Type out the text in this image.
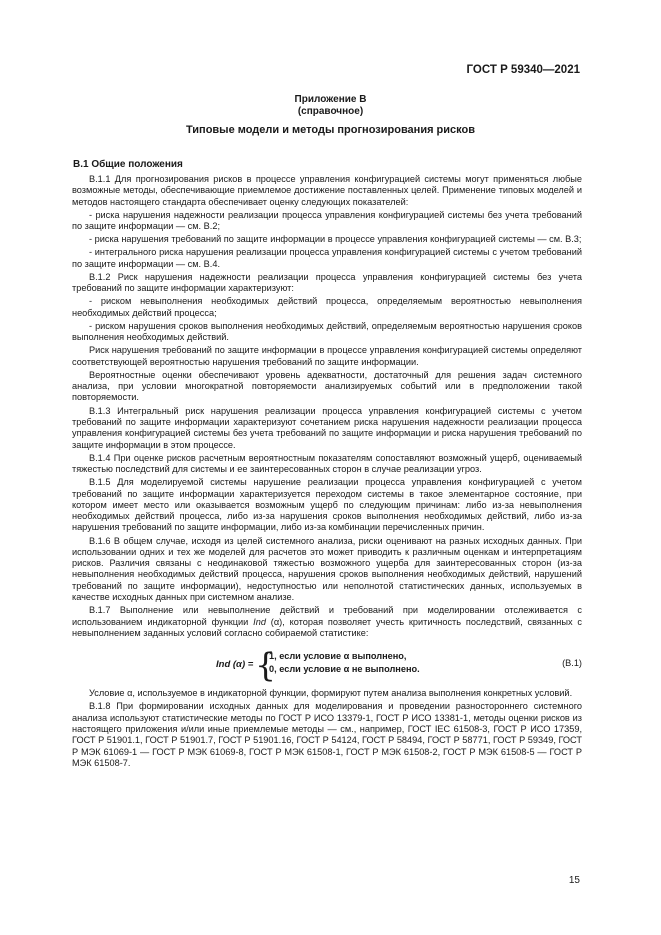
ГОСТ Р 59340—2021
Приложение В
(справочное)
Типовые модели и методы прогнозирования рисков
В.1 Общие положения

В.1.1 Для прогнозирования рисков в процессе управления конфигурацией системы могут применяться любые возможные методы, обеспечивающие приемлемое достижение поставленных целей. Применение типовых моделей и методов настоящего стандарта обеспечивает оценку следующих показателей:

- риска нарушения надежности реализации процесса управления конфигурацией системы без учета требований по защите информации — см. В.2;

- риска нарушения требований по защите информации в процессе управления конфигурацией системы — см. В.3;

- интегрального риска нарушения реализации процесса управления конфигурацией системы с учетом требований по защите информации — см. В.4.

В.1.2 Риск нарушения надежности реализации процесса управления конфигурацией системы без учета требований по защите информации характеризуют:

- риском невыполнения необходимых действий процесса, определяемым вероятностью невыполнения необходимых действий процесса;

- риском нарушения сроков выполнения необходимых действий, определяемым вероятностью нарушения сроков выполнения необходимых действий.

Риск нарушения требований по защите информации в процессе управления конфигурацией системы определяют соответствующей вероятностью нарушения требований по защите информации.

Вероятностные оценки обеспечивают уровень адекватности, достаточный для решения задач системного анализа, при условии многократной повторяемости анализируемых событий или в предположении такой повторяемости.

В.1.3 Интегральный риск нарушения реализации процесса управления конфигурацией системы с учетом требований по защите информации характеризуют сочетанием риска нарушения надежности реализации процесса управления конфигурацией системы без учета требований по защите информации и риска нарушения требований по защите информации в этом процессе.

В.1.4 При оценке рисков расчетным вероятностным показателям сопоставляют возможный ущерб, оцениваемый тяжестью последствий для системы и ее заинтересованных сторон в случае реализации угроз.

В.1.5 Для моделируемой системы нарушение реализации процесса управления конфигурацией с учетом требований по защите информации характеризуется переходом системы в такое элементарное состояние, при котором имеет место или оказывается возможным ущерб по следующим причинам: либо из-за невыполнения необходимых действий процесса, либо из-за нарушения сроков выполнения необходимых действий, либо из-за нарушения требований по защите информации, либо из-за комбинации перечисленных причин.

В.1.6 В общем случае, исходя из целей системного анализа, риски оценивают на разных исходных данных. При использовании одних и тех же моделей для расчетов это может приводить к различным оценкам и интерпретациям рисков. Различия связаны с неодинаковой тяжестью возможного ущерба для заинтересованных сторон (из-за невыполнения необходимых действий процесса, нарушения сроков выполнения необходимых действий, нарушений требований по защите информации), недоступностью или неполнотой статистических данных, используемых в качестве исходных данных при системном анализе.

В.1.7 Выполнение или невыполнение действий и требований при моделировании отслеживается с использованием индикаторной функции Ind (α), которая позволяет учесть критичность последствий, связанных с невыполнением заданных условий согласно собираемой статистике:

Ind (α) = {
1, если условие α выполнено,
0, если условие α не выполнено.
(В.1)

Условие α, используемое в индикаторной функции, формируют путем анализа выполнения конкретных условий.

В.1.8 При формировании исходных данных для моделирования и проведении разностороннего системного анализа используют статистические методы по ГОСТ Р ИСО 13379-1, ГОСТ Р ИСО 13381-1, методы оценки рисков из настоящего приложения и/или иные приемлемые методы — см., например, ГОСТ IEC 61508-3, ГОСТ Р ИСО 17359, ГОСТ Р 51901.1, ГОСТ Р 51901.7, ГОСТ Р 51901.16, ГОСТ Р 54124, ГОСТ Р 58494, ГОСТ Р 58771, ГОСТ Р 59349, ГОСТ Р МЭК 61069-1 — ГОСТ Р МЭК 61069-8, ГОСТ Р МЭК 61508-1, ГОСТ Р МЭК 61508-2, ГОСТ Р МЭК 61508-5 — ГОСТ Р МЭК 61508-7.

15
